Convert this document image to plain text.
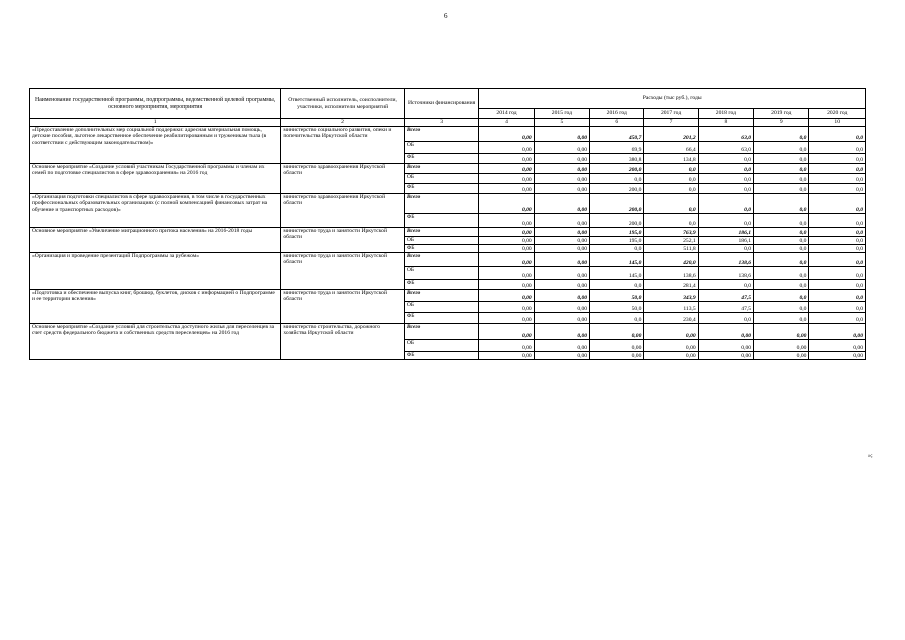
6
Наименование государственной программы, подпрограммы, ведомственной целевой программы, основного мероприятия, мероприятия	Ответственный исполнитель, соисполнители, участники, исполнители мероприятий	Источники финансирования	Расходы (тыс руб.), годы						
			2014 год	2015 год	2016 год	2017 год	2018 год	2019 год	2020 год
1	2	3	4	5	6	7	8	9	10
«Предоставление дополнительных мер социальной поддержки: адресная материальная помощь, детские пособия, льготное лекарственное обеспечение реабилитированным и труженикам тыла (в соответствии с действующим законодательством)»	министерство социального развития, опеки и попечительства Иркутской области	Всего	0,00	0,00	450,7	201,2	63,0	0,0	0,0
		ОБ	0,00	0,00	69,9	66,4	63,0	0,0	0,0
		ФБ	0,00	0,00	380,8	134,8	0,0	0,0	0,0
Основное мероприятие «Создание условий участникам Государственной программы и членам их семей по подготовке специалистов в сфере здравоохранения» на 2016 год	министерство здравоохранения Иркутской области	Всего	0,00	0,00	200,0	0,0	0,0	0,0	0,0
		ОБ	0,00	0,00	0,0	0,0	0,0	0,0	0,0
		ФБ	0,00	0,00	200,0	0,0	0,0	0,0	0,0
«Организация подготовки специалистов в сфере здравоохранения, в том числе в государственных профессиональных образовательных организациях (с полной компенсацией финансовых затрат на обучение и транспортных расходов)»	министерство здравоохранения Иркутской области	Всего	0,00	0,00	200,0	0,0	0,0	0,0	0,0
		ФБ	0,00	0,00	200,0	0,0	0,0	0,0	0,0
Основное мероприятие «Увеличение миграционного притока населения» на 2016-2018 годы	министерство труда и занятости Иркутской области	Всего	0,00	0,00	195,0	763,9	186,1	0,0	0,0
		ОБ	0,00	0,00	195,0	252,1	186,1	0,0	0,0
		ФБ	0,00	0,00	0,0	511,8	0,0	0,0	0,0
«Организация и проведение презентаций Подпрограммы за рубежом»	министерство труда и занятости Иркутской области	Всего	0,00	0,00	145,0	420,0	138,6	0,0	0,0
		ОБ	0,00	0,00	145,0	138,6	138,6	0,0	0,0
		ФБ	0,00	0,00	0,0	281,4	0,0	0,0	0,0
«Подготовка и обеспечение выпуска книг, брошюр, буклетов, дисков с информацией о Подпрограмме и ее территории вселения»	министерство труда и занятости Иркутской области	Всего	0,00	0,00	50,0	343,9	47,5	0,0	0,0
		ОБ	0,00	0,00	50,0	113,5	47,5	0,0	0,0
		ФБ	0,00	0,00	0,0	230,4	0,0	0,0	0,0
Основное мероприятие «Создание условий для строительства доступного жилья для переселенцев за счет средств федерального бюджета и собственных средств переселенцев» на 2016 год	министерство строительства, дорожного хозяйства Иркутской области	Всего	0,00	0,00	0,00	0,00	0,00	0,00	0,00
		ОБ	0,00	0,00	0,00	0,00	0,00	0,00	0,00
		ФБ	0,00	0,00	0,00	0,00	0,00	0,00	0,00
»;
